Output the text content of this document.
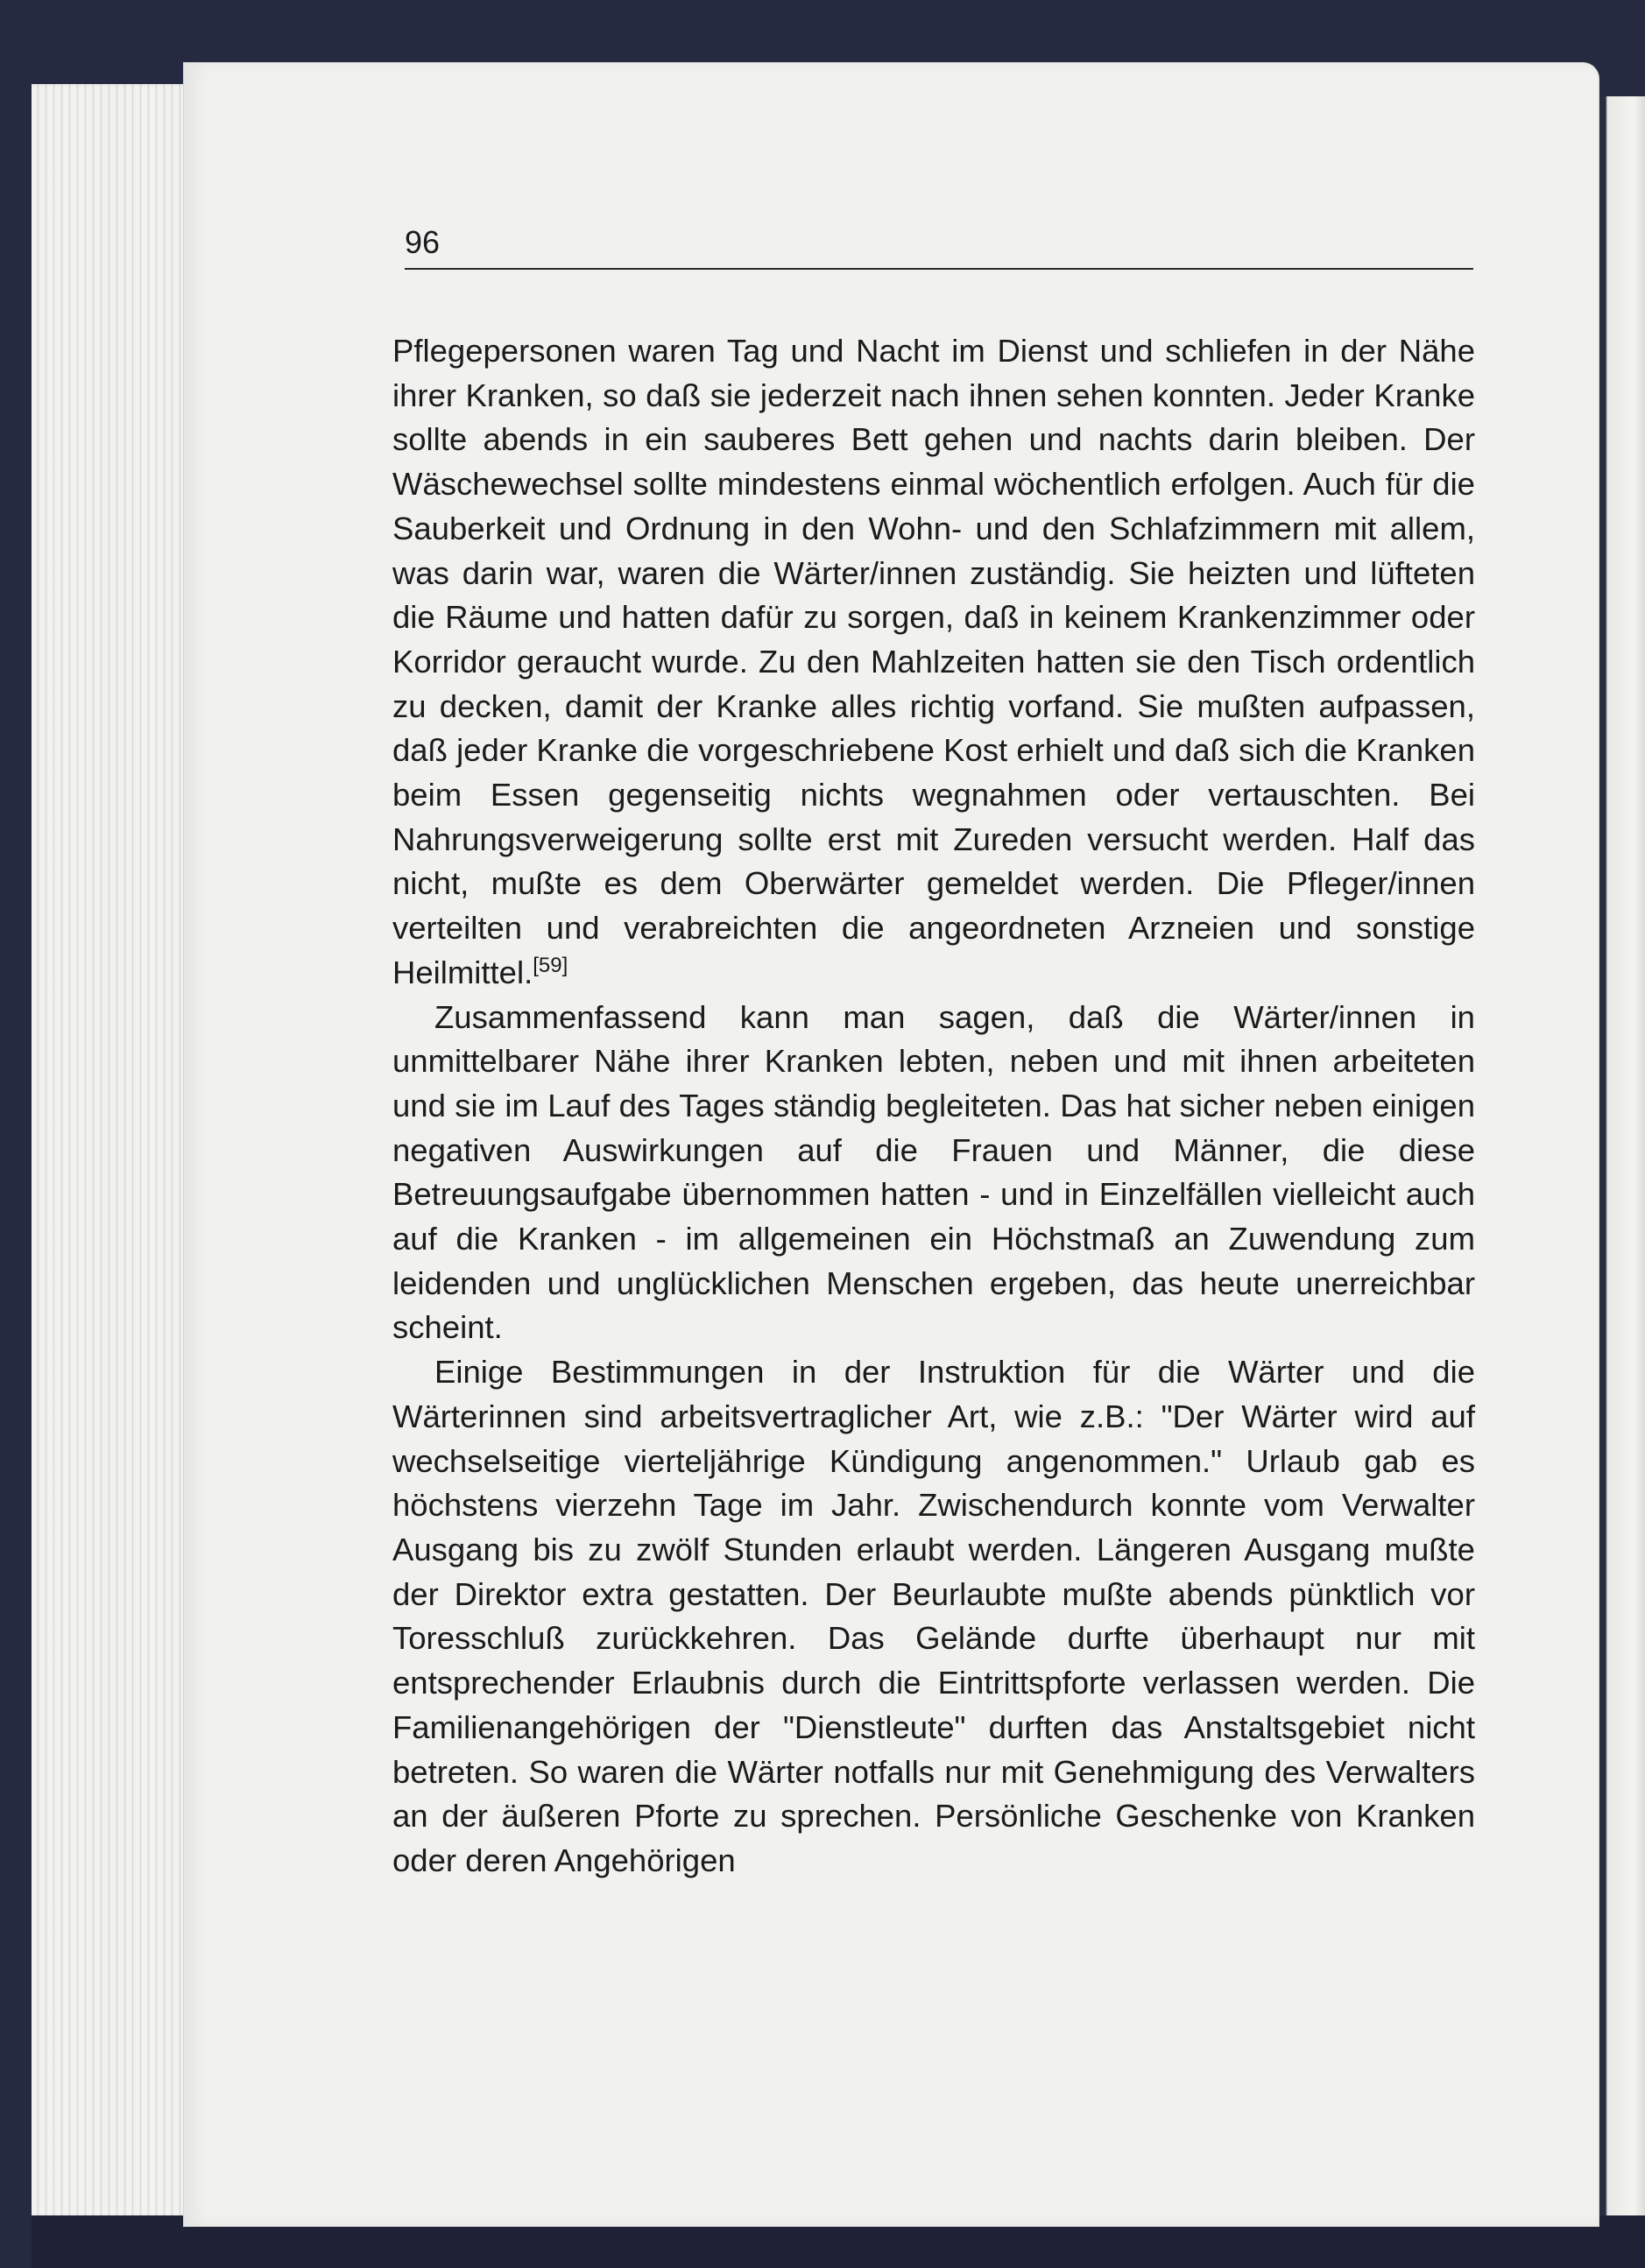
96

Pflegepersonen waren Tag und Nacht im Dienst und schliefen in der Nähe ihrer Kranken, so daß sie jederzeit nach ihnen sehen konnten. Jeder Kranke sollte abends in ein sauberes Bett gehen und nachts darin bleiben. Der Wäschewechsel sollte mindestens einmal wöchentlich erfolgen. Auch für die Sauberkeit und Ordnung in den Wohn- und den Schlafzimmern mit allem, was darin war, waren die Wärter/innen zuständig. Sie heizten und lüfteten die Räume und hatten dafür zu sorgen, daß in keinem Krankenzimmer oder Korridor geraucht wurde. Zu den Mahlzeiten hatten sie den Tisch ordentlich zu decken, damit der Kranke alles richtig vorfand. Sie mußten aufpassen, daß jeder Kranke die vorgeschriebene Kost erhielt und daß sich die Kranken beim Essen gegenseitig nichts wegnahmen oder vertauschten. Bei Nahrungsverweigerung sollte erst mit Zureden versucht werden. Half das nicht, mußte es dem Oberwärter gemeldet werden. Die Pfleger/innen verteilten und verabreichten die angeordneten Arzneien und sonstige Heilmittel.[59]

Zusammenfassend kann man sagen, daß die Wärter/innen in unmittelbarer Nähe ihrer Kranken lebten, neben und mit ihnen arbeiteten und sie im Lauf des Tages ständig begleiteten. Das hat sicher neben einigen negativen Auswirkungen auf die Frauen und Männer, die diese Betreuungsaufgabe übernommen hatten - und in Einzelfällen vielleicht auch auf die Kranken - im allgemeinen ein Höchstmaß an Zuwendung zum leidenden und unglücklichen Menschen ergeben, das heute unerreichbar scheint.

Einige Bestimmungen in der Instruktion für die Wärter und die Wärterinnen sind arbeitsvertraglicher Art, wie z.B.: "Der Wärter wird auf wechselseitige vierteljährige Kündigung angenommen." Urlaub gab es höchstens vierzehn Tage im Jahr. Zwischendurch konnte vom Verwalter Ausgang bis zu zwölf Stunden erlaubt werden. Längeren Ausgang mußte der Direktor extra gestatten. Der Beurlaubte mußte abends pünktlich vor Toresschluß zurückkehren. Das Gelände durfte überhaupt nur mit entsprechender Erlaubnis durch die Eintrittspforte verlassen werden. Die Familienangehörigen der "Dienstleute" durften das Anstaltsgebiet nicht betreten. So waren die Wärter notfalls nur mit Genehmigung des Verwalters an der äußeren Pforte zu sprechen. Persönliche Geschenke von Kranken oder deren Angehörigen
